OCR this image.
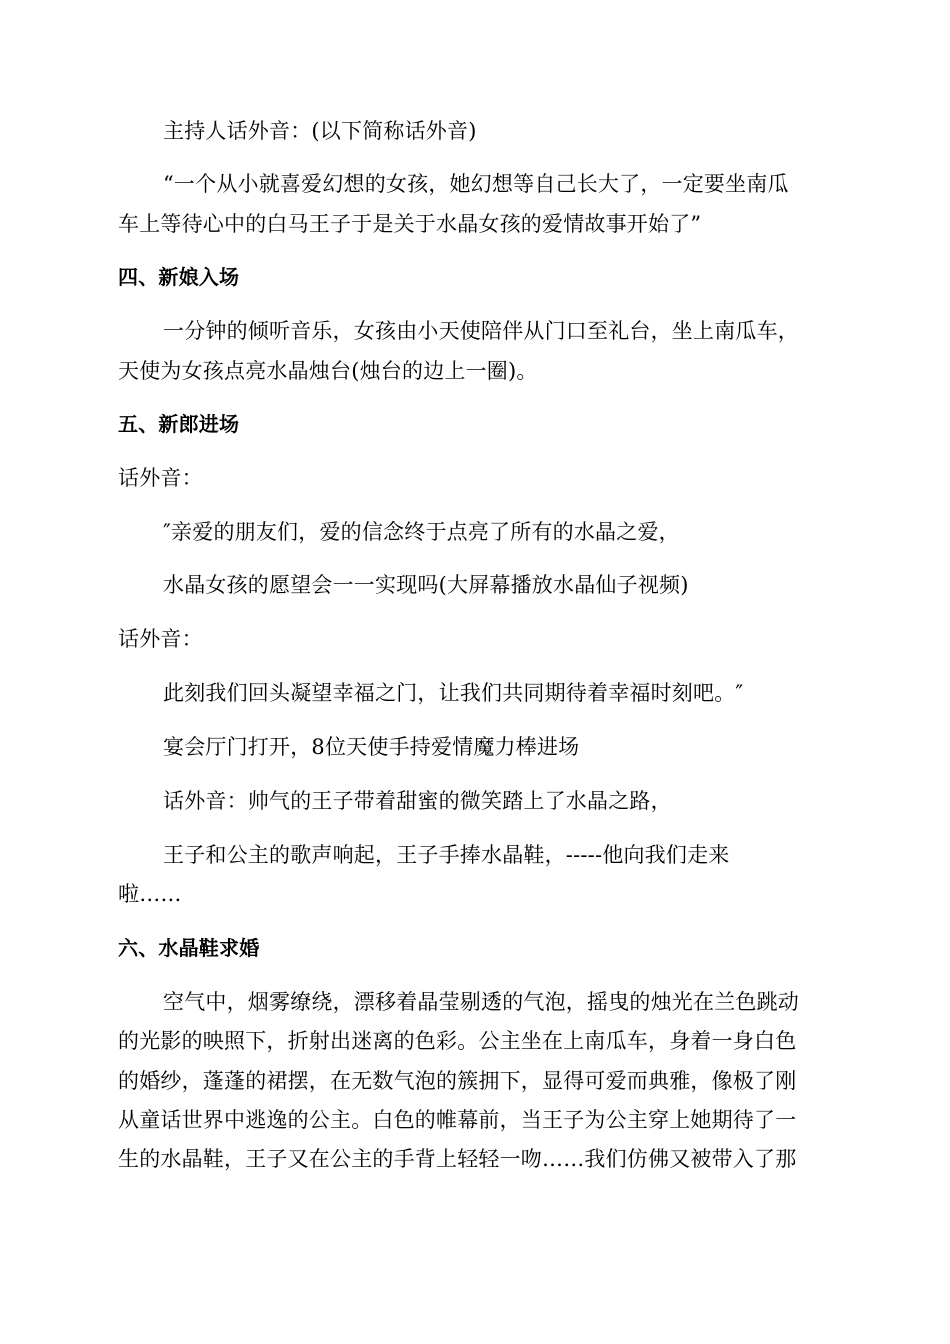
主持人话外音：(以下简称话外音)

“一个从小就喜爱幻想的女孩，她幻想等自己长大了，一定要坐南瓜

车上等待心中的白马王子于是关于水晶女孩的爱情故事开始了”

四、新娘入场

一分钟的倾听音乐，女孩由小天使陪伴从门口至礼台，坐上南瓜车，

天使为女孩点亮水晶烛台(烛台的边上一圈)。

五、新郎进场

话外音：

″亲爱的朋友们，爱的信念终于点亮了所有的水晶之爱，

水晶女孩的愿望会一一实现吗(大屏幕播放水晶仙子视频)

话外音：

此刻我们回头凝望幸福之门，让我们共同期待着幸福时刻吧。″

宴会厅门打开，8位天使手持爱情魔力棒进场

话外音：帅气的王子带着甜蜜的微笑踏上了水晶之路，

王子和公主的歌声响起，王子手捧水晶鞋，-----他向我们走来

啦……

六、水晶鞋求婚

空气中，烟雾缭绕，漂移着晶莹剔透的气泡，摇曳的烛光在兰色跳动

的光影的映照下，折射出迷离的色彩。公主坐在上南瓜车，身着一身白色

的婚纱，蓬蓬的裙摆，在无数气泡的簇拥下，显得可爱而典雅，像极了刚

从童话世界中逃逸的公主。白色的帷幕前，当王子为公主穿上她期待了一

生的水晶鞋，王子又在公主的手背上轻轻一吻……我们仿佛又被带入了那
